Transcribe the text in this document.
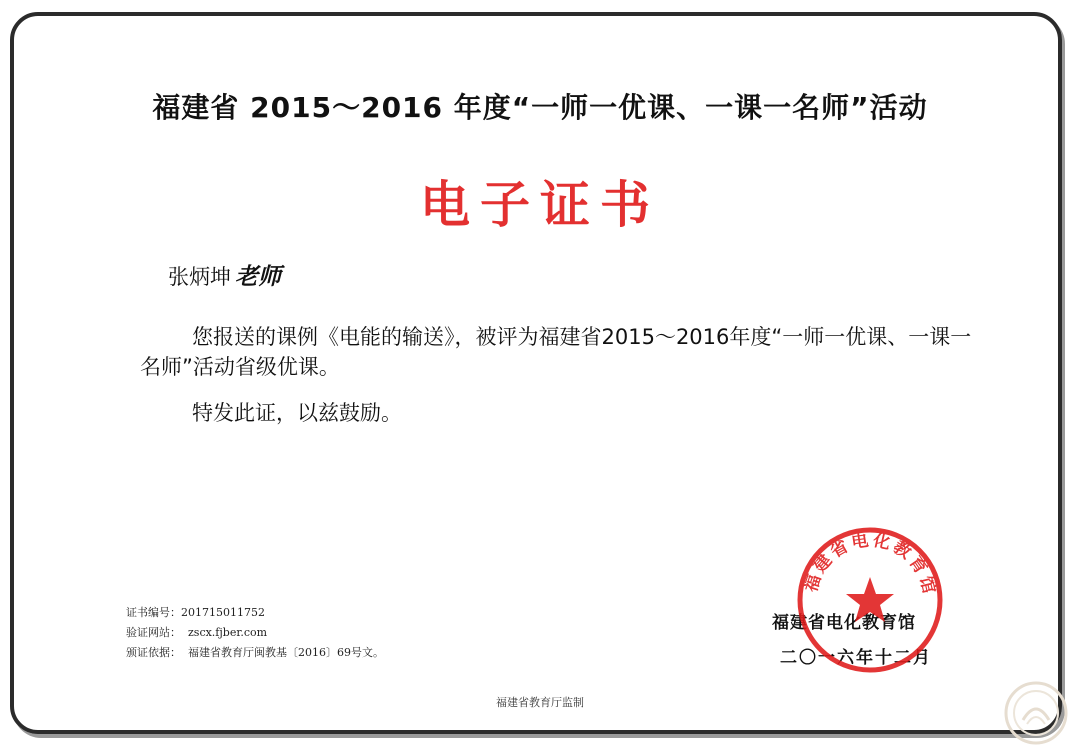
福建省 2015～2016 年度“一师一优课、一课一名师”活动
电子证书
张炳坤 老师

您报送的课例《电能的输送》，被评为福建省2015～2016年度“一师一优课、一课一名师”活动省级优课。

特发此证，以兹鼓励。

证书编号：201715011752
验证网站： zscx.fjber.com
颁证依据： 福建省教育厅闽教基〔2016〕69号文。
福建省电化教育馆
二〇一六年十二月
福建省电化教育馆
福建省教育厅监制
